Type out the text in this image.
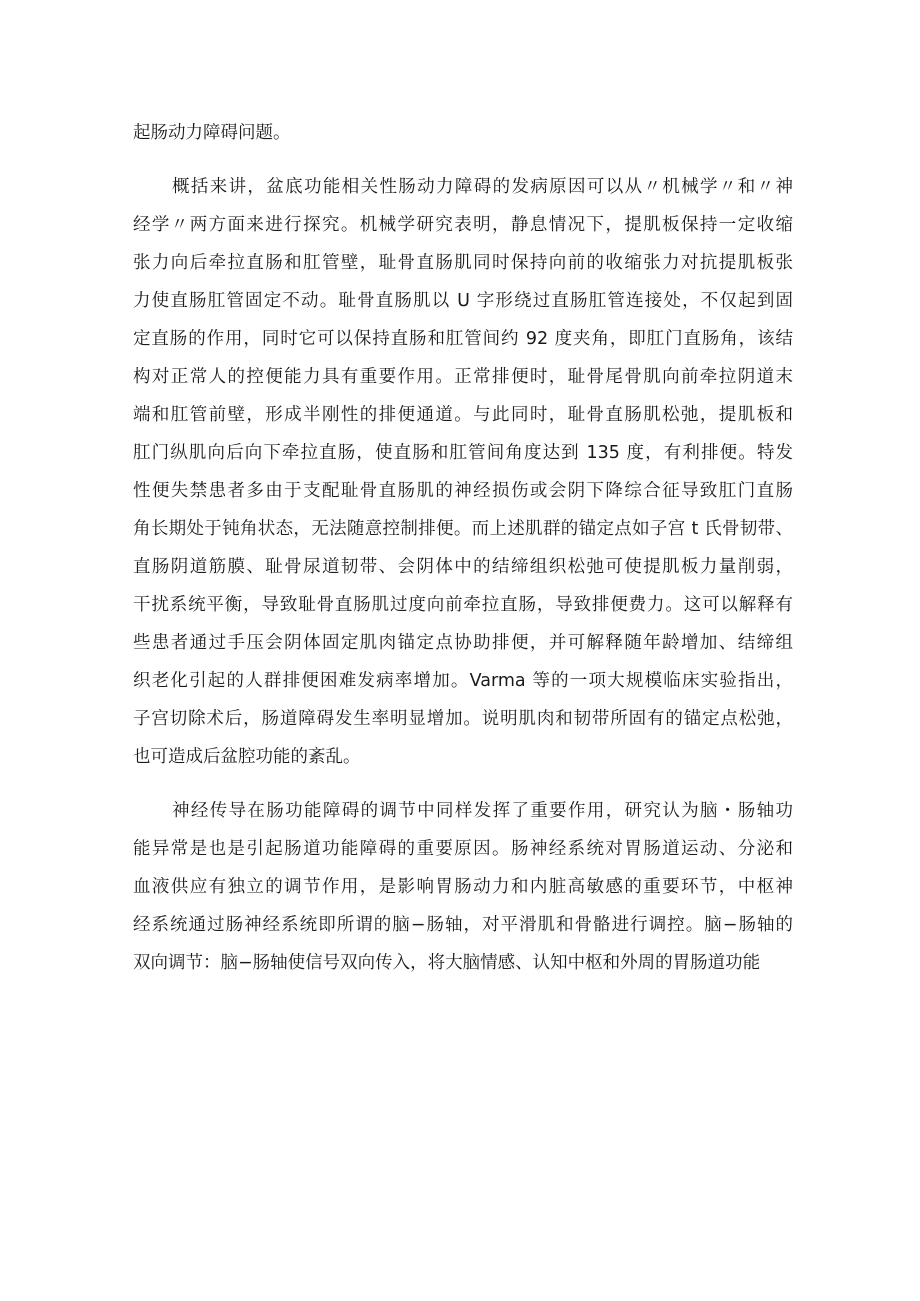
起肠动力障碍问题。
概括来讲，盆底功能相关性肠动力障碍的发病原因可以从〃机械学〃和〃神
经学〃两方面来进行探究。机械学研究表明，静息情况下，提肌板保持一定收缩
张力向后牵拉直肠和肛管壁，耻骨直肠肌同时保持向前的收缩张力对抗提肌板张
力使直肠肛管固定不动。耻骨直肠肌以 U 字形绕过直肠肛管连接处，不仅起到固
定直肠的作用，同时它可以保持直肠和肛管间约 92 度夹角，即肛门直肠角，该结
构对正常人的控便能力具有重要作用。正常排便时，耻骨尾骨肌向前牵拉阴道末
端和肛管前壁，形成半刚性的排便通道。与此同时，耻骨直肠肌松弛，提肌板和
肛门纵肌向后向下牵拉直肠，使直肠和肛管间角度达到 135 度，有利排便。特发
性便失禁患者多由于支配耻骨直肠肌的神经损伤或会阴下降综合征导致肛门直肠
角长期处于钝角状态，无法随意控制排便。而上述肌群的锚定点如子宫 t 氏骨韧带、
直肠阴道筋膜、耻骨尿道韧带、会阴体中的结缔组织松弛可使提肌板力量削弱，
干扰系统平衡，导致耻骨直肠肌过度向前牵拉直肠，导致排便费力。这可以解释有
些患者通过手压会阴体固定肌肉锚定点协助排便，并可解释随年龄增加、结缔组
织老化引起的人群排便困难发病率增加。Varma 等的一项大规模临床实验指出，
子宫切除术后，肠道障碍发生率明显增加。说明肌肉和韧带所固有的锚定点松弛，
也可造成后盆腔功能的紊乱。
神经传导在肠功能障碍的调节中同样发挥了重要作用，研究认为脑・肠轴功
能异常是也是引起肠道功能障碍的重要原因。肠神经系统对胃肠道运动、分泌和
血液供应有独立的调节作用，是影响胃肠动力和内脏高敏感的重要环节，中枢神
经系统通过肠神经系统即所谓的脑−肠轴，对平滑肌和骨骼进行调控。脑−肠轴的
双向调节：脑−肠轴使信号双向传入，将大脑情感、认知中枢和外周的胃肠道功能
